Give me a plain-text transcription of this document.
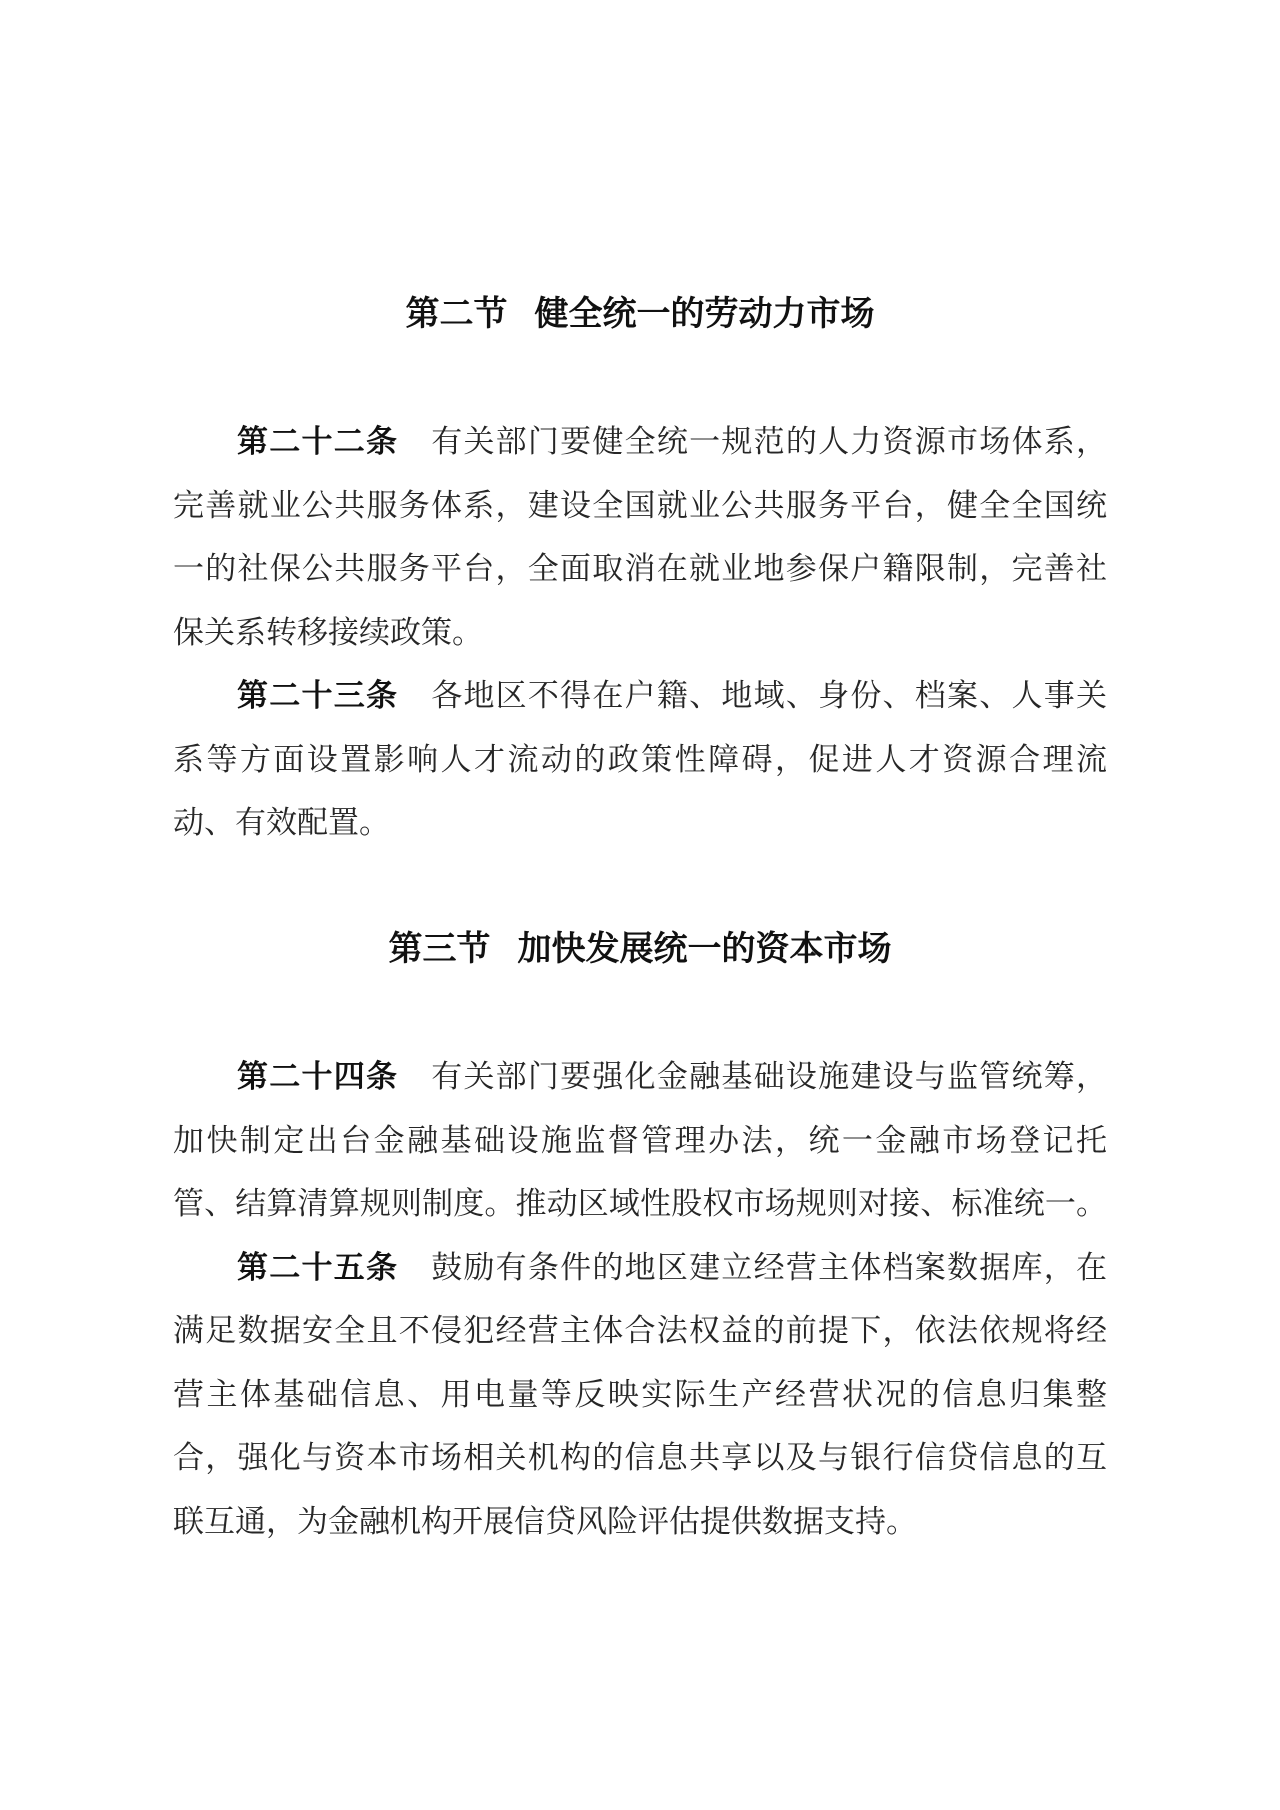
第二节 健全统一的劳动力市场
第二十二条 有关部门要健全统一规范的人力资源市场体系，
完善就业公共服务体系，建设全国就业公共服务平台，健全全国统
一的社保公共服务平台，全面取消在就业地参保户籍限制，完善社
保关系转移接续政策。
第二十三条 各地区不得在户籍、地域、身份、档案、人事关
系等方面设置影响人才流动的政策性障碍，促进人才资源合理流
动、有效配置。
第三节 加快发展统一的资本市场
第二十四条 有关部门要强化金融基础设施建设与监管统筹，
加快制定出台金融基础设施监督管理办法，统一金融市场登记托
管、结算清算规则制度。推动区域性股权市场规则对接、标准统一。
第二十五条 鼓励有条件的地区建立经营主体档案数据库，在
满足数据安全且不侵犯经营主体合法权益的前提下，依法依规将经
营主体基础信息、用电量等反映实际生产经营状况的信息归集整
合，强化与资本市场相关机构的信息共享以及与银行信贷信息的互
联互通，为金融机构开展信贷风险评估提供数据支持。
